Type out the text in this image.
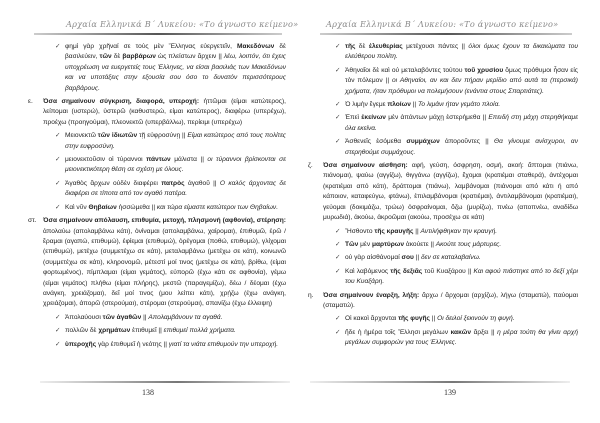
Αρχαία Ελληνικά Β΄ Λυκείου: «Το άγνωστο κείμενο»
✓ φημὶ γὰρ χρῆναί σε τοὺς μὲν Ἕλληνας εὐεργετεῖν, Μακεδόνων δὲ βασιλεύειν, τῶν δὲ βαρβάρων ὡς πλείστων ἄρχειν || λέω, λοιπόν, ότι έχεις υποχρέωση να ευεργετείς τους Έλληνες, να είσαι βασιλιάς των Μακεδόνων και να υποτάξεις στην εξουσία σου όσο το δυνατόν περισσότερους βαρβάρους.
ε. Όσα σημαίνουν σύγκριση, διαφορά, υπεροχή: ἡττῶμαι (είμαι κατώτερος), λείπομαι (υστερώ), ὑστερῶ (καθυστερώ, είμαι κατώτερος), διαφέρω (υπερέχω), προέχω (προηγούμαι), πλεονεκτῶ (υπερβάλλω), περίειμι (υπερέχω)
✓ Μειονεκτῶ τῶν ἰδιωτῶν τῇ εὐφροσύνῃ || Είμαι κατώτερος από τους πολίτες στην ευφροσύνη.
✓ μειονεκτοῦσιν οἱ τύραννοι πάντων μάλιστα || οι τύραννοι βρίσκονται σε μειονεκτικότερη θέση σε σχέση με όλους.
✓ Ἀγαθὸς ἄρχων οὐδὲν διαφέρει πατρὸς ἀγαθοῦ || Ο καλός άρχοντας δε διαφέρει σε τίποτα από τον αγαθό πατέρα.
✓ Καὶ νῦν Θηβαίων ἡσσώμεθα || και τώρα είμαστε κατώτεροι των Θηβαίων.
στ. Όσα σημαίνουν απόλαυση, επιθυμία, μετοχή, πλησμονή (αφθονία), στέρηση: ἀπολαύω (απολαμβάνω κάτι), ὀνίναμαι (απολαμβάνω, χαίρομαι), ἐπιθυμῶ, ἐρῶ / ἔραμαι (αγαπώ, επιθυμώ), ἐφίεμαι (επιθυμώ), ὀρέγομαι (ποθώ, επιθυμώ), γλίχομαι (επιθυμώ), μετέχω (συμμετέχω σε κάτι), μεταλαμβάνω (μετέχω σε κάτι), κοινωνῶ (συμμετέχω σε κάτι), κληρονομῶ, μέτεστί μοί τινος (μετέχω σε κάτι), βρίθω, (είμαι φορτωμένος), πίμπλαμαι (είμαι γεμάτος), εὐπορῶ (έχω κάτι σε αφθονία), γέμω (είμαι γεμάτος) πλήθω (είμαι πλήρης), μεστῶ (παραγεμίζω), δέω / δέομαι (έχω ανάγκη, χρειάζομαι), δεῖ μοί τινος (μου λείπει κάτι), χρῄζω (έχω ανάγκη, χρειάζομαι), ἀπορῶ (στερούμαι), στέρομαι (στερούμαι), σπανίζω (έχω έλλειψη)
✓ Ἀπολαύουσι τῶν ἀγαθῶν || Απολαμβάνουν τα αγαθά.
✓ πολλῶν δὲ χρημάτων ἐπιθυμεῖ || επιθυμεί πολλά χρήματα.
✓ ὑπεροχῆς γὰρ ἐπιθυμεῖ ἡ νεότης || γιατί τα νιάτα επιθυμούν την υπεροχή.
138
Αρχαία Ελληνικά Β΄ Λυκείου: «Το άγνωστο κείμενο»
✓ τῆς δὲ ἐλευθερίας μετέχουσι πάντες || όλοι όμως έχουν τα δικαιώματα του ελεύθερου πολίτη.
✓ Ἀθηναῖοι δὲ καὶ οὐ μεταλαβόντες τούτου τοῦ χρυσίου ὅμως πρόθυμοι ἦσαν εἰς τὸν πόλεμον || οι Αθηναίοι, αν και δεν πήραν μερίδιο από αυτά τα (περσικά) χρήματα, ήταν πρόθυμοι να πολεμήσουν (ενάντια στους Σπαρτιάτες).
✓ Ὁ λιμὴν ἔγεμε πλοίων || Το λιμάνι ήταν γεμάτο πλοία.
✓ Ἐπεὶ ἐκείνων μὲν ἁπάντων μάχῃ ἐστερήμεθα || Επειδή στη μάχη στερηθήκαμε όλα εκείνα.
✓ Ἀσθενεῖς ἐσόμεθα συμμάχων ἀποροῦντες || Θα γίνουμε ανίσχυροι, αν στερηθούμε συμμάχους.
ζ. Όσα σημαίνουν αίσθηση: αφή, γεύση, όσφρηση, οσμή, ακοή: ἅπτομαι (πιάνω, πιάνομαι), ψαύω (αγγίζω), θιγγάνω (αγγίζω), ἔχομαι (κρατιέμαι σταθερά), ἀντέχομαι (κρατιέμαι από κάτι), δράττομαι (πιάνω), λαμβάνομαι (πιάνομαι από κάτι ή από κάποιον, καταφεύγω, φτάνω), ἐπιλαμβάνομαι (κρατιέμαι), ἀντιλαμβάνομαι (κρατιέμαι), γεύομαι (δοκιμάζω, τρώω) ὀσφραίνομαι, ὄζω (μυρίζω), πνέω (αποπνέω, αναδίδω μυρωδιά), ἀκούω, ἀκροῶμαι (ακούω, προσέχω σε κάτι)
✓ Ἤσθοντο τῆς κραυγῆς || Αντιλήφθηκαν την κραυγή.
✓ Τῶν μὲν μαρτύρων ἀκούετε || Ακούτε τους μάρτυρες.
✓ οὐ γὰρ αἰσθάνομαί σου || δεν σε καταλαβαίνω.
✓ Καὶ λαβόμενος τῆς δεξιᾶς τοῦ Κυαξάρου || Και αφού πιάστηκε από το δεξί χέρι του Κυαξάρη.
η. Όσα σημαίνουν έναρξη, λήξη: ἄρχω / ἄρχομαι (αρχίζω), λήγω (σταματώ), παύομαι (σταματώ).
✓ Οἱ κακοὶ ἄρχονται τῆς φυγῆς || Οι δειλοί ξεκινούν τη φυγή.
✓ ἥδε ἡ ἡμέρα τοῖς Ἕλλησι μεγάλων κακῶν ἄρξει || η μέρα τούτη θα γίνει αρχή μεγάλων συμφορών για τους Έλληνες.
139
